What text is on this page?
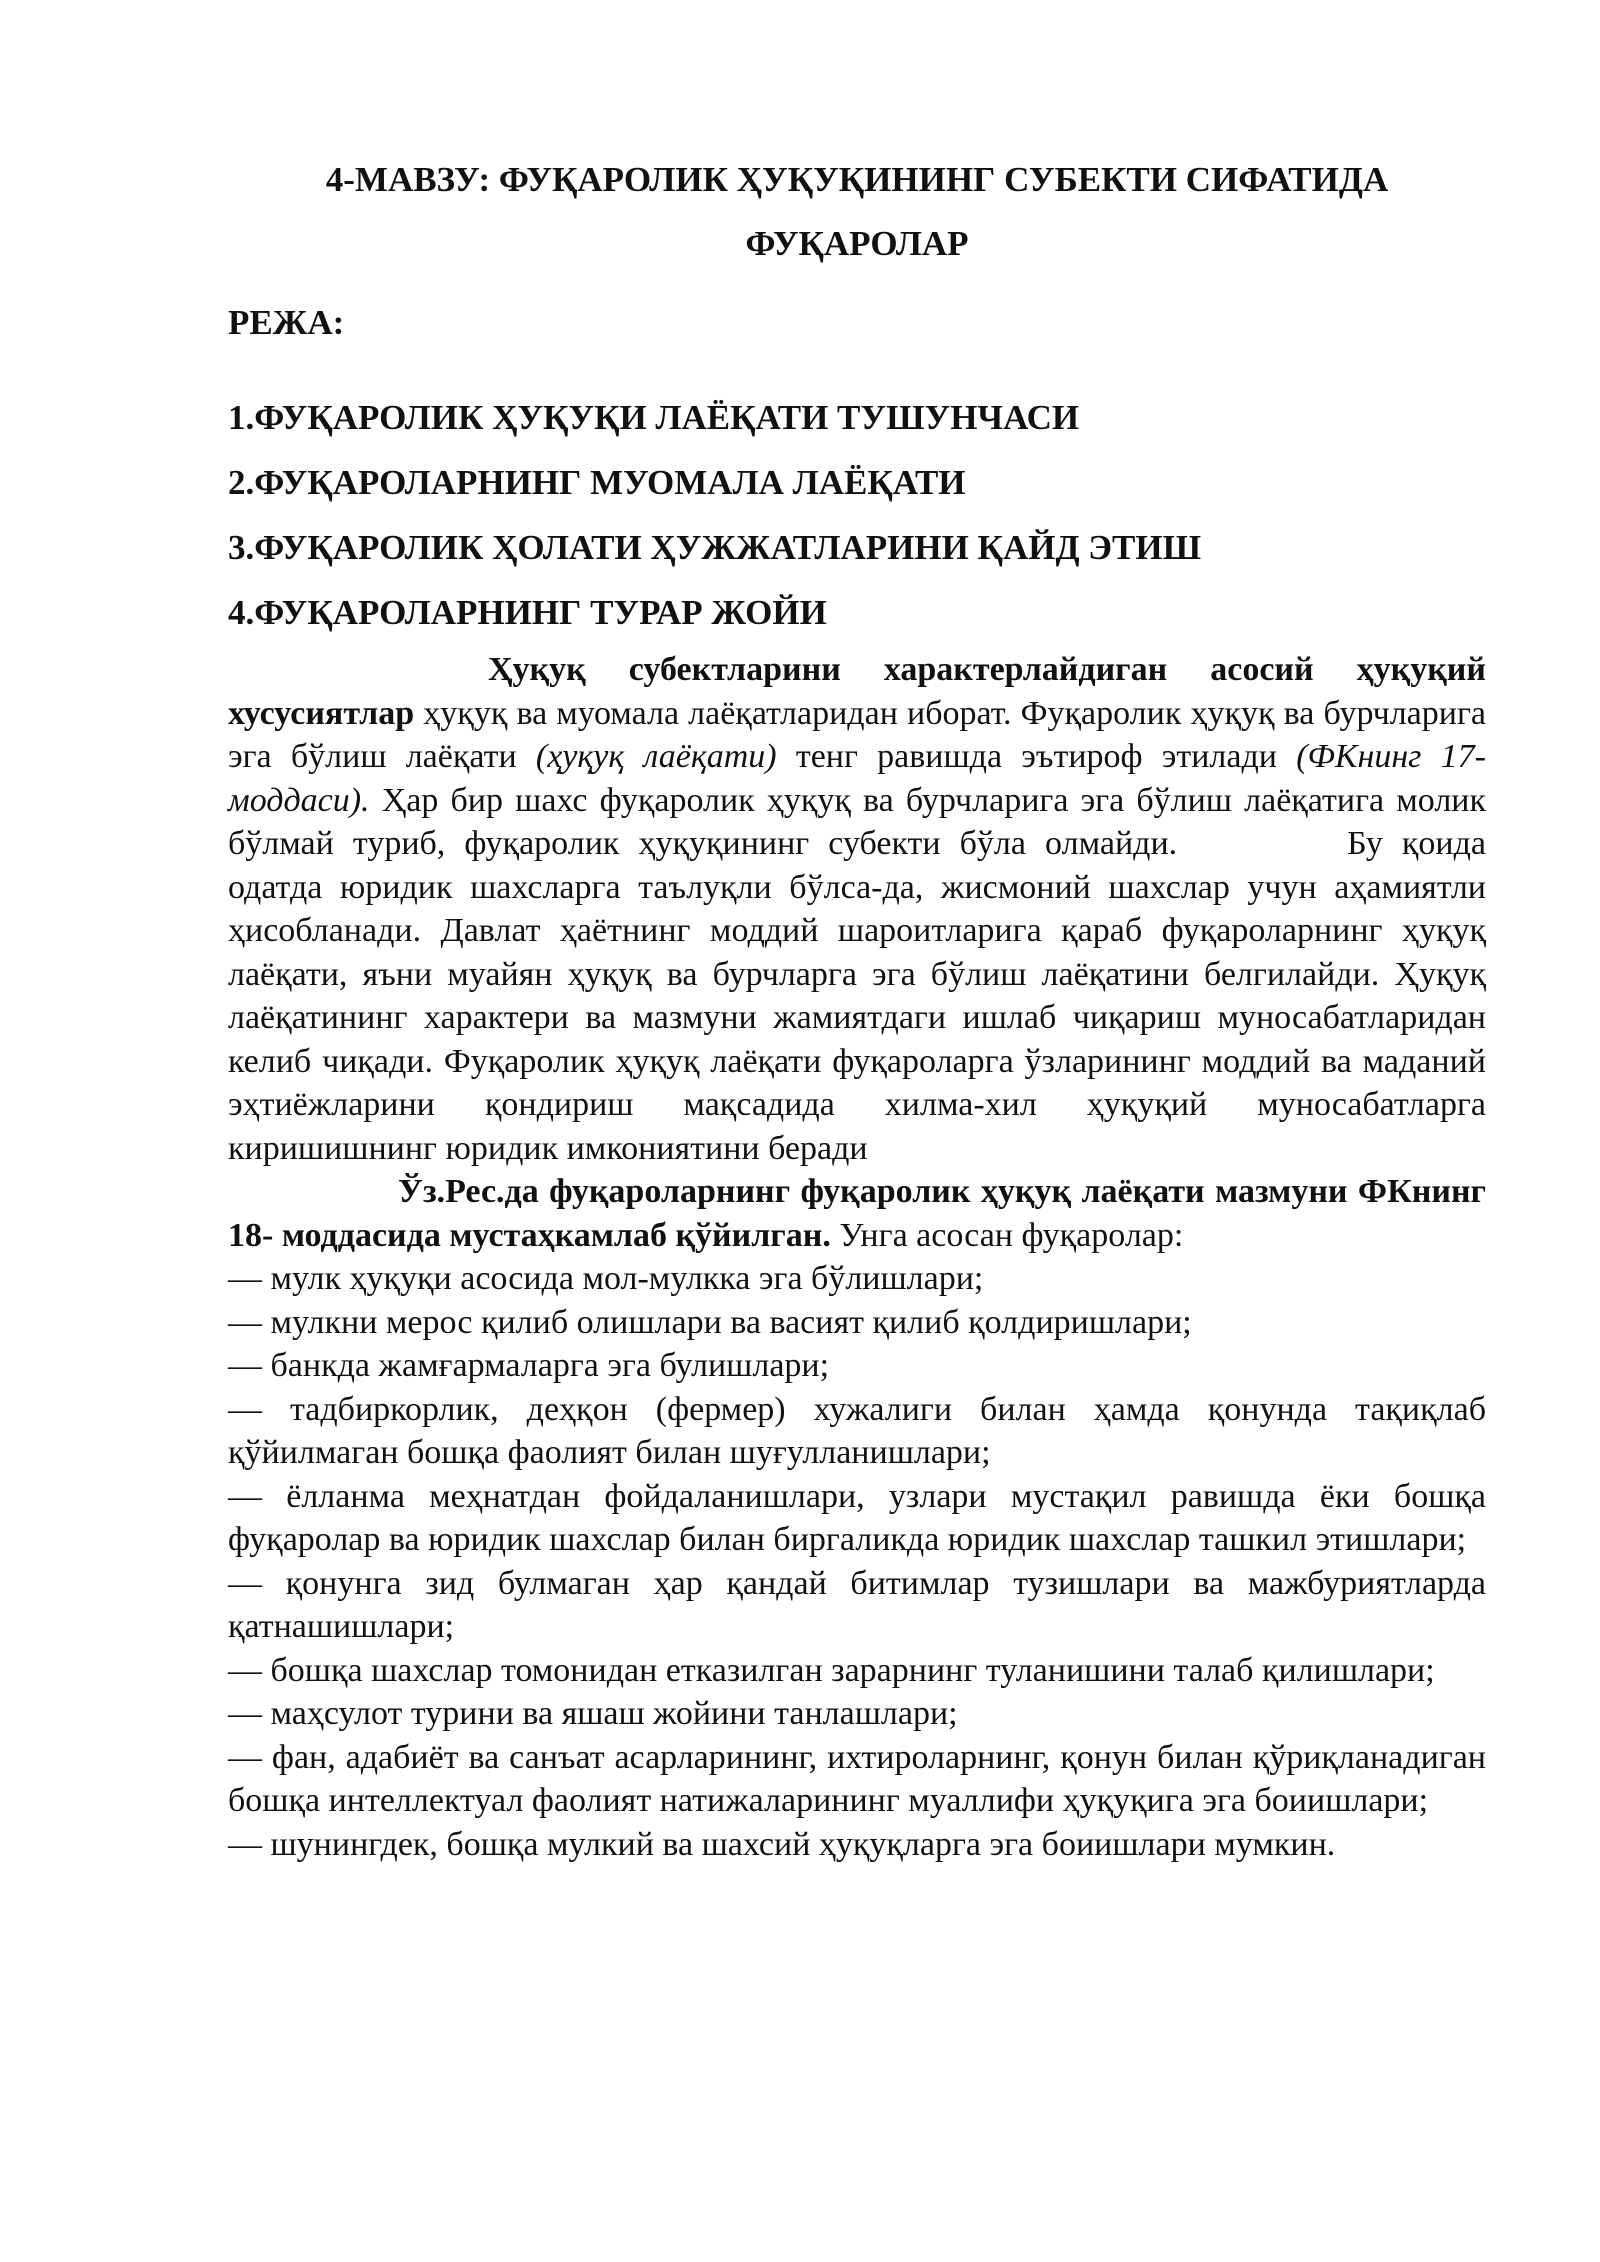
4-МАВЗУ: ФУҚАРОЛИК ҲУҚУҚИНИНГ СУБЕКТИ СИФАТИДА
ФУҚАРОЛАР
РЕЖА:
1.ФУҚАРОЛИК ҲУҚУҚИ ЛАЁҚАТИ ТУШУНЧАСИ
2.ФУҚАРОЛАРНИНГ МУОМАЛА ЛАЁҚАТИ
3.ФУҚАРОЛИК ҲОЛАТИ ҲУЖЖАТЛАРИНИ ҚАЙД ЭТИШ
4.ФУҚАРОЛАРНИНГ ТУРАР ЖОЙИ

Ҳуқуқ субектларини характерлайдиган асосий ҳуқуқий хусусиятлар ҳуқуқ ва муомала лаёқатларидан иборат. Фуқаролик ҳуқуқ ва бурчларига эга бўлиш лаёқати (ҳуқуқ лаёқати) тенг равишда эътироф этилади (ФКнинг 17-моддаси). Ҳар бир шахс фуқаролик ҳуқуқ ва бурчларига эга бўлиш лаёқатига молик бўлмай туриб, фуқаролик ҳуқуқининг субекти бўла олмайди.	Бу қоида одатда юридик шахсларга таълуқли бўлса-да, жисмоний шахслар учун аҳамиятли ҳисобланади. Давлат ҳаётнинг моддий шароитларига қараб фуқароларнинг ҳуқуқ лаёқати, яъни муайян ҳуқуқ ва бурчларга эга бўлиш лаёқатини белгилайди. Ҳуқуқ лаёқатининг характери ва мазмуни жамиятдаги ишлаб чиқариш муносабатларидан келиб чиқади. Фуқаролик ҳуқуқ лаёқати фуқароларга ўзларининг моддий ва маданий эҳтиёжларини қондириш мақсадида хилма-хил ҳуқуқий муносабатларга киришишнинг юридик имкониятини беради

Ўз.Рес.да фуқароларнинг фуқаролик ҳуқуқ лаёқати мазмуни ФКнинг 18- моддасида мустаҳкамлаб қўйилган. Унга асосан фуқаролар:

— мулк ҳуқуқи асосида мол-мулкка эга бўлишлари;
— мулкни мерос қилиб олишлари ва васият қилиб қолдиришлари;
— банкда жамғармаларга эга булишлари;
— тадбиркорлик, деҳқон (фермер) хужалиги билан ҳамда қонунда тақиқлаб қўйилмаган бошқа фаолият билан шуғулланишлари;
— ёлланма меҳнатдан фойдаланишлари, узлари мустақил равишда ёки бошқа фуқаролар ва юридик шахслар билан биргаликда юридик шахслар ташкил этишлари;
— қонунга зид булмаган ҳар қандай битимлар тузишлари ва мажбуриятларда қатнашишлари;
— бошқа шахслар томонидан етказилган зарарнинг туланишини талаб қилишлари;
— маҳсулот турини ва яшаш жойини танлашлари;
— фан, адабиёт ва санъат асарларининг, ихтироларнинг, қонун билан қўриқланадиган бошқа интеллектуал фаолият натижаларининг муаллифи ҳуқуқига эга боиишлари;
— шунингдек, бошқа мулкий ва шахсий ҳуқуқларга эга боиишлари мумкин.
